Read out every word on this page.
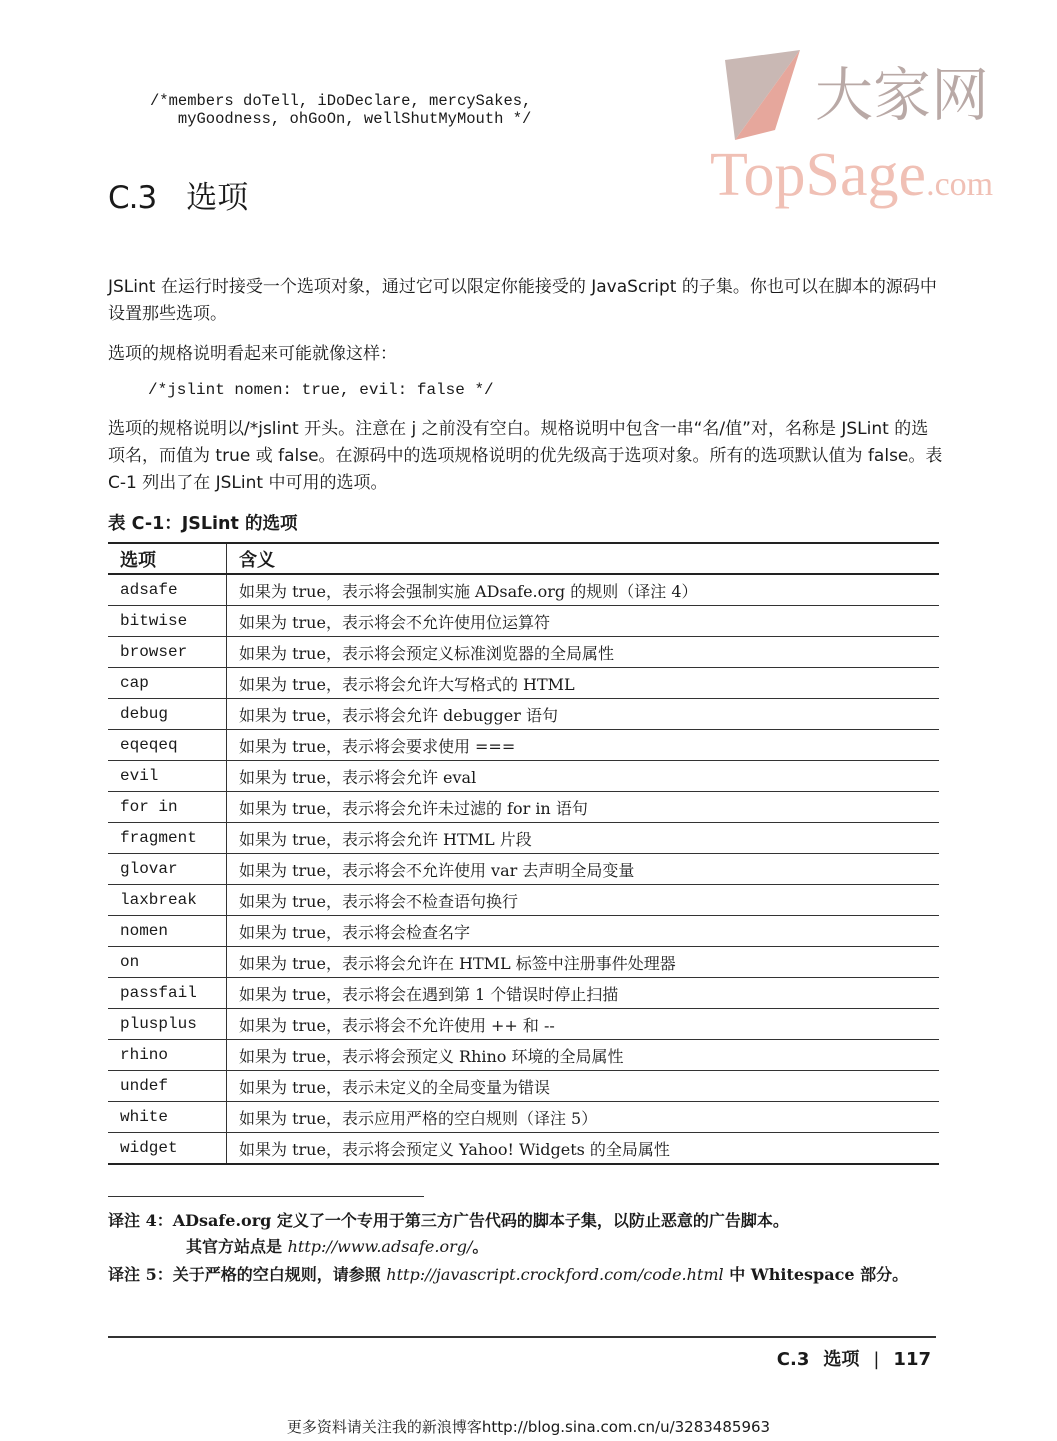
大家网
TopSage.com
/*members doTell, iDoDeclare, mercySakes,
myGoodness, ohGoOn, wellShutMyMouth */
C.3 选项
JSLint 在运行时接受一个选项对象，通过它可以限定你能接受的 JavaScript 的子集。你也可以在脚本的源码中设置那些选项。
选项的规格说明看起来可能就像这样：
/*jslint nomen: true, evil: false */
选项的规格说明以/*jslint 开头。注意在 j 之前没有空白。规格说明中包含一串“名/值”对，名称是 JSLint 的选项名，而值为 true 或 false。在源码中的选项规格说明的优先级高于选项对象。所有的选项默认值为 false。表 C-1 列出了在 JSLint 中可用的选项。
表 C-1：JSLint 的选项
选项	含义
adsafe	如果为 true，表示将会强制实施 ADsafe.org 的规则（译注 4）
bitwise	如果为 true，表示将会不允许使用位运算符
browser	如果为 true，表示将会预定义标准浏览器的全局属性
cap	如果为 true，表示将会允许大写格式的 HTML
debug	如果为 true，表示将会允许 debugger 语句
eqeqeq	如果为 true，表示将会要求使用 ===
evil	如果为 true，表示将会允许 eval
for in	如果为 true，表示将会允许未过滤的 for in 语句
fragment	如果为 true，表示将会允许 HTML 片段
glovar	如果为 true，表示将会不允许使用 var 去声明全局变量
laxbreak	如果为 true，表示将会不检查语句换行
nomen	如果为 true，表示将会检查名字
on	如果为 true，表示将会允许在 HTML 标签中注册事件处理器
passfail	如果为 true，表示将会在遇到第 1 个错误时停止扫描
plusplus	如果为 true，表示将会不允许使用 ++ 和 --
rhino	如果为 true，表示将会预定义 Rhino 环境的全局属性
undef	如果为 true，表示未定义的全局变量为错误
white	如果为 true，表示应用严格的空白规则（译注 5）
widget	如果为 true，表示将会预定义 Yahoo! Widgets 的全局属性
译注 4：ADsafe.org 定义了一个专用于第三方广告代码的脚本子集，以防止恶意的广告脚本。
其官方站点是 http://www.adsafe.org/。
译注 5：关于严格的空白规则，请参照 http://javascript.crockford.com/code.html 中 Whitespace 部分。
C.3 选项 | 117
更多资料请关注我的新浪博客http://blog.sina.com.cn/u/3283485963
